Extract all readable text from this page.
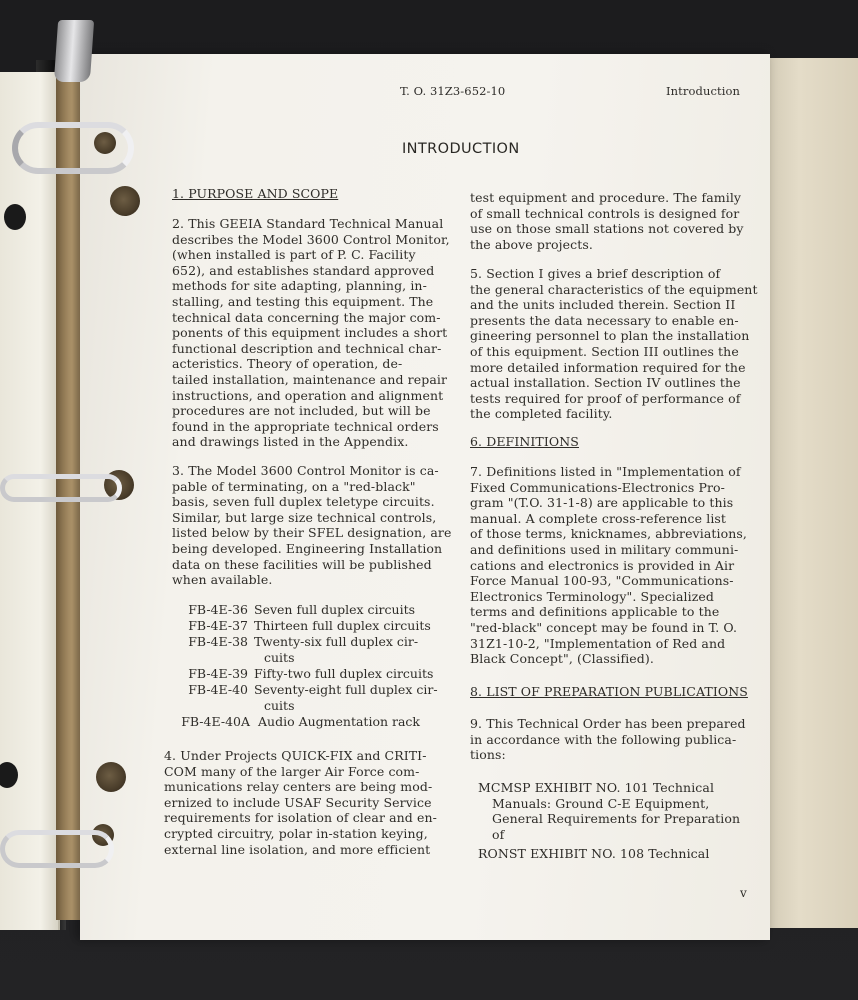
T. O. 31Z3-652-10	Introduction
INTRODUCTION
1. PURPOSE AND SCOPE

2. This GEEIA Standard Technical Manual

describes the Model 3600 Control Monitor,

(when installed is part of P. C. Facility

652), and establishes standard approved

methods for site adapting, planning, in-

stalling, and testing this equipment. The

technical data concerning the major com-

ponents of this equipment includes a short

functional description and technical char-

acteristics. Theory of operation, de-

tailed installation, maintenance and repair

instructions, and operation and alignment

procedures are not included, but will be

found in the appropriate technical orders

and drawings listed in the Appendix.

3. The Model 3600 Control Monitor is ca-

pable of terminating, on a "red-black"

basis, seven full duplex teletype circuits.

Similar, but large size technical controls,

listed below by their SFEL designation, are

being developed. Engineering Installation

data on these facilities will be published

when available.

FB-4E-36 Seven full duplex circuits
FB-4E-37 Thirteen full duplex circuits
FB-4E-38 Twenty-six full duplex cir-
cuits
FB-4E-39 Fifty-two full duplex circuits
FB-4E-40 Seventy-eight full duplex cir-
cuits
FB-4E-40A Audio Augmentation rack

4. Under Projects QUICK-FIX and CRITI-

COM many of the larger Air Force com-

munications relay centers are being mod-

ernized to include USAF Security Service

requirements for isolation of clear and en-

crypted circuitry, polar in-station keying,

external line isolation, and more efficient

test equipment and procedure. The family

of small technical controls is designed for

use on those small stations not covered by

the above projects.

5. Section I gives a brief description of

the general characteristics of the equipment

and the units included therein. Section II

presents the data necessary to enable en-

gineering personnel to plan the installation

of this equipment. Section III outlines the

more detailed information required for the

actual installation. Section IV outlines the

tests required for proof of performance of

the completed facility.

6. DEFINITIONS

7. Definitions listed in "Implementation of

Fixed Communications-Electronics Pro-

gram "(T.O. 31-1-8) are applicable to this

manual. A complete cross-reference list

of those terms, knicknames, abbreviations,

and definitions used in military communi-

cations and electronics is provided in Air

Force Manual 100-93, "Communications-

Electronics Terminology". Specialized

terms and definitions applicable to the

"red-black" concept may be found in T. O.

31Z1-10-2, "Implementation of Red and

Black Concept", (Classified).

8. LIST OF PREPARATION PUBLICATIONS

9. This Technical Order has been prepared

in accordance with the following publica-

tions:

MCMSP EXHIBIT NO. 101 Technical

Manuals: Ground C-E Equipment,

General Requirements for Preparation

of

RONST EXHIBIT NO. 108 Technical

v
